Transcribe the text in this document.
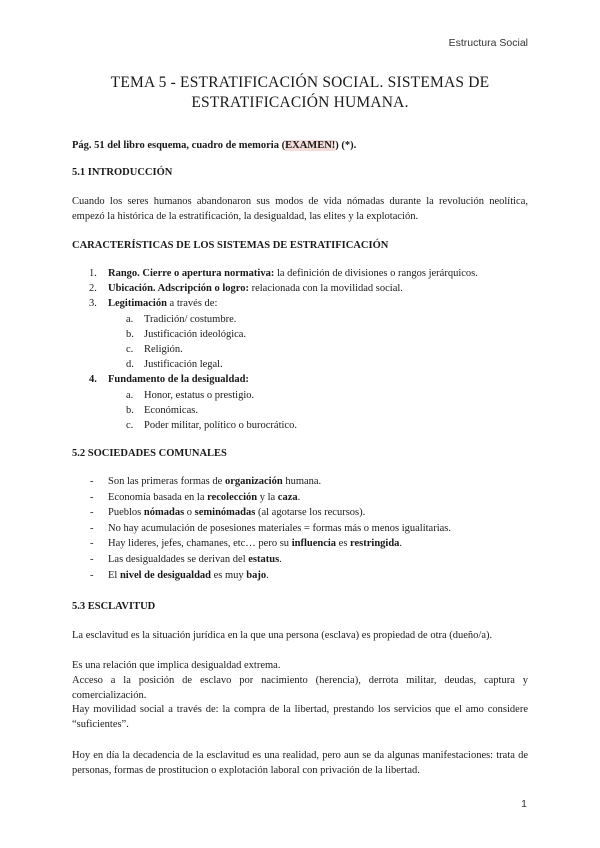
Estructura Social
TEMA 5 - ESTRATIFICACIÓN SOCIAL. SISTEMAS DE
ESTRATIFICACIÓN HUMANA.

Pág. 51 del libro esquema, cuadro de memoria (EXAMEN!) (*).

5.1 INTRODUCCIÓN

Cuando los seres humanos abandonaron sus modos de vida nómadas durante la revolución neolítica, empezó la histórica de la estratificación, la desigualdad, las elites y la explotación.

CARACTERÍSTICAS DE LOS SISTEMAS DE ESTRATIFICACIÓN

1. Rango. Cierre o apertura normativa: la definición de divisiones o rangos jerárquicos.
2. Ubicación. Adscripción o logro: relacionada con la movilidad social.
3. Legitimación a través de:
a. Tradición/ costumbre.
b. Justificación ideológica.
c. Religión.
d. Justificación legal.
4. Fundamento de la desigualdad:
a. Honor, estatus o prestigio.
b. Económicas.
c. Poder militar, político o burocrático.

5.2 SOCIEDADES COMUNALES

- Son las primeras formas de organización humana.
- Economía basada en la recolección y la caza.
- Pueblos nómadas o seminómadas (al agotarse los recursos).
- No hay acumulación de posesiones materiales = formas más o menos igualitarias.
- Hay lideres, jefes, chamanes, etc… pero su influencia es restringida.
- Las desigualdades se derivan del estatus.
- El nivel de desigualdad es muy bajo.

5.3 ESCLAVITUD

La esclavitud es la situación jurídica en la que una persona (esclava) es propiedad de otra (dueño/a).

Es una relación que implica desigualdad extrema.

Acceso a la posición de esclavo por nacimiento (herencia), derrota militar, deudas, captura y comercialización.

Hay movilidad social a través de: la compra de la libertad, prestando los servicios que el amo considere “suficientes”.

Hoy en día la decadencia de la esclavitud es una realidad, pero aun se da algunas manifestaciones: trata de personas, formas de prostitucion o explotación laboral con privación de la libertad.

1
